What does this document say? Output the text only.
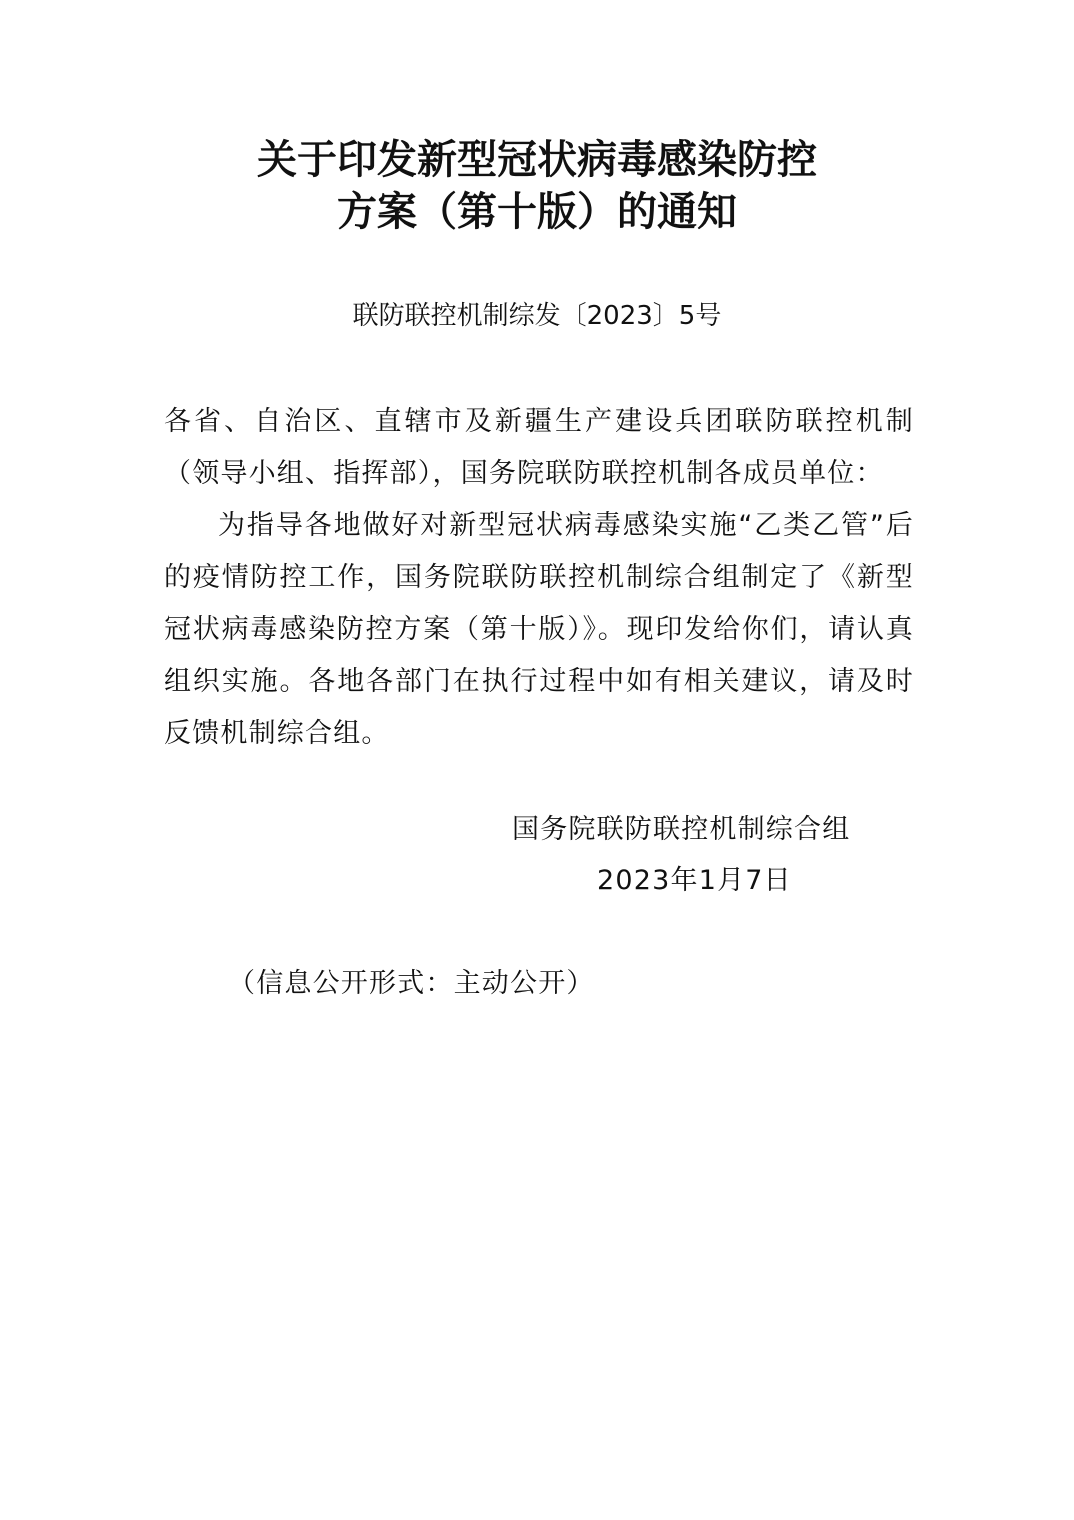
关于印发新型冠状病毒感染防控
方案（第十版）的通知
联防联控机制综发〔2023〕5号
各省、自治区、直辖市及新疆生产建设兵团联防联控机制（领导小组、指挥部），国务院联防联控机制各成员单位：
为指导各地做好对新型冠状病毒感染实施“乙类乙管”后的疫情防控工作，国务院联防联控机制综合组制定了《新型冠状病毒感染防控方案（第十版）》。现印发给你们，请认真组织实施。各地各部门在执行过程中如有相关建议，请及时反馈机制综合组。
国务院联防联控机制综合组
2023年1月7日
（信息公开形式：主动公开）
